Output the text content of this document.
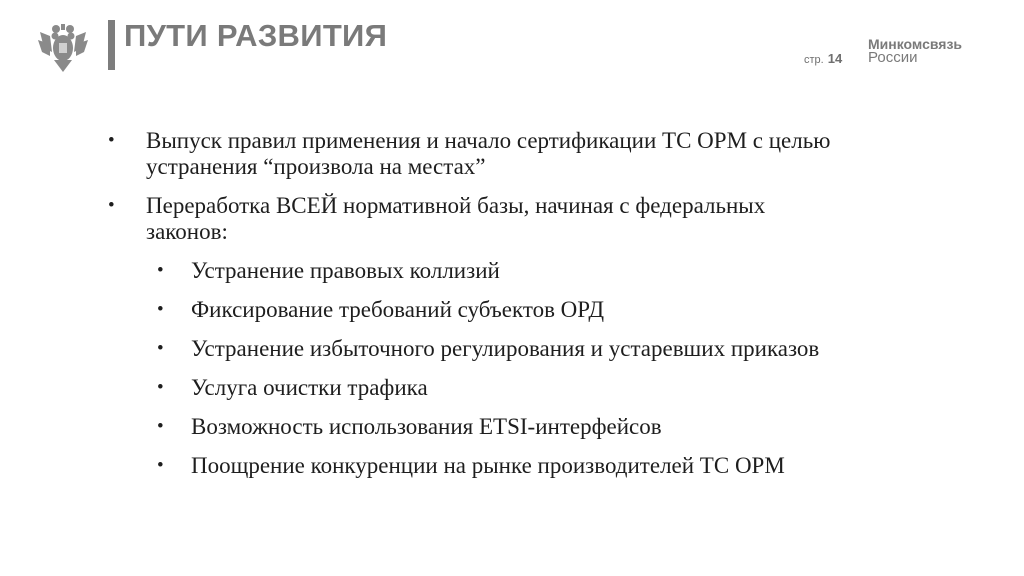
ПУТИ РАЗВИТИЯ
стр. 14
Минкомсвязь
России
• Выпуск правил применения и начало сертификации ТС ОРМ с целью
устранения “произвола на местах”
• Переработка ВСЕЙ нормативной базы, начиная с федеральных
законов:
• Устранение правовых коллизий
• Фиксирование требований субъектов ОРД
• Устранение избыточного регулирования и устаревших приказов
• Услуга очистки трафика
• Возможность использования ETSI-интерфейсов
• Поощрение конкуренции на рынке производителей ТС ОРМ
